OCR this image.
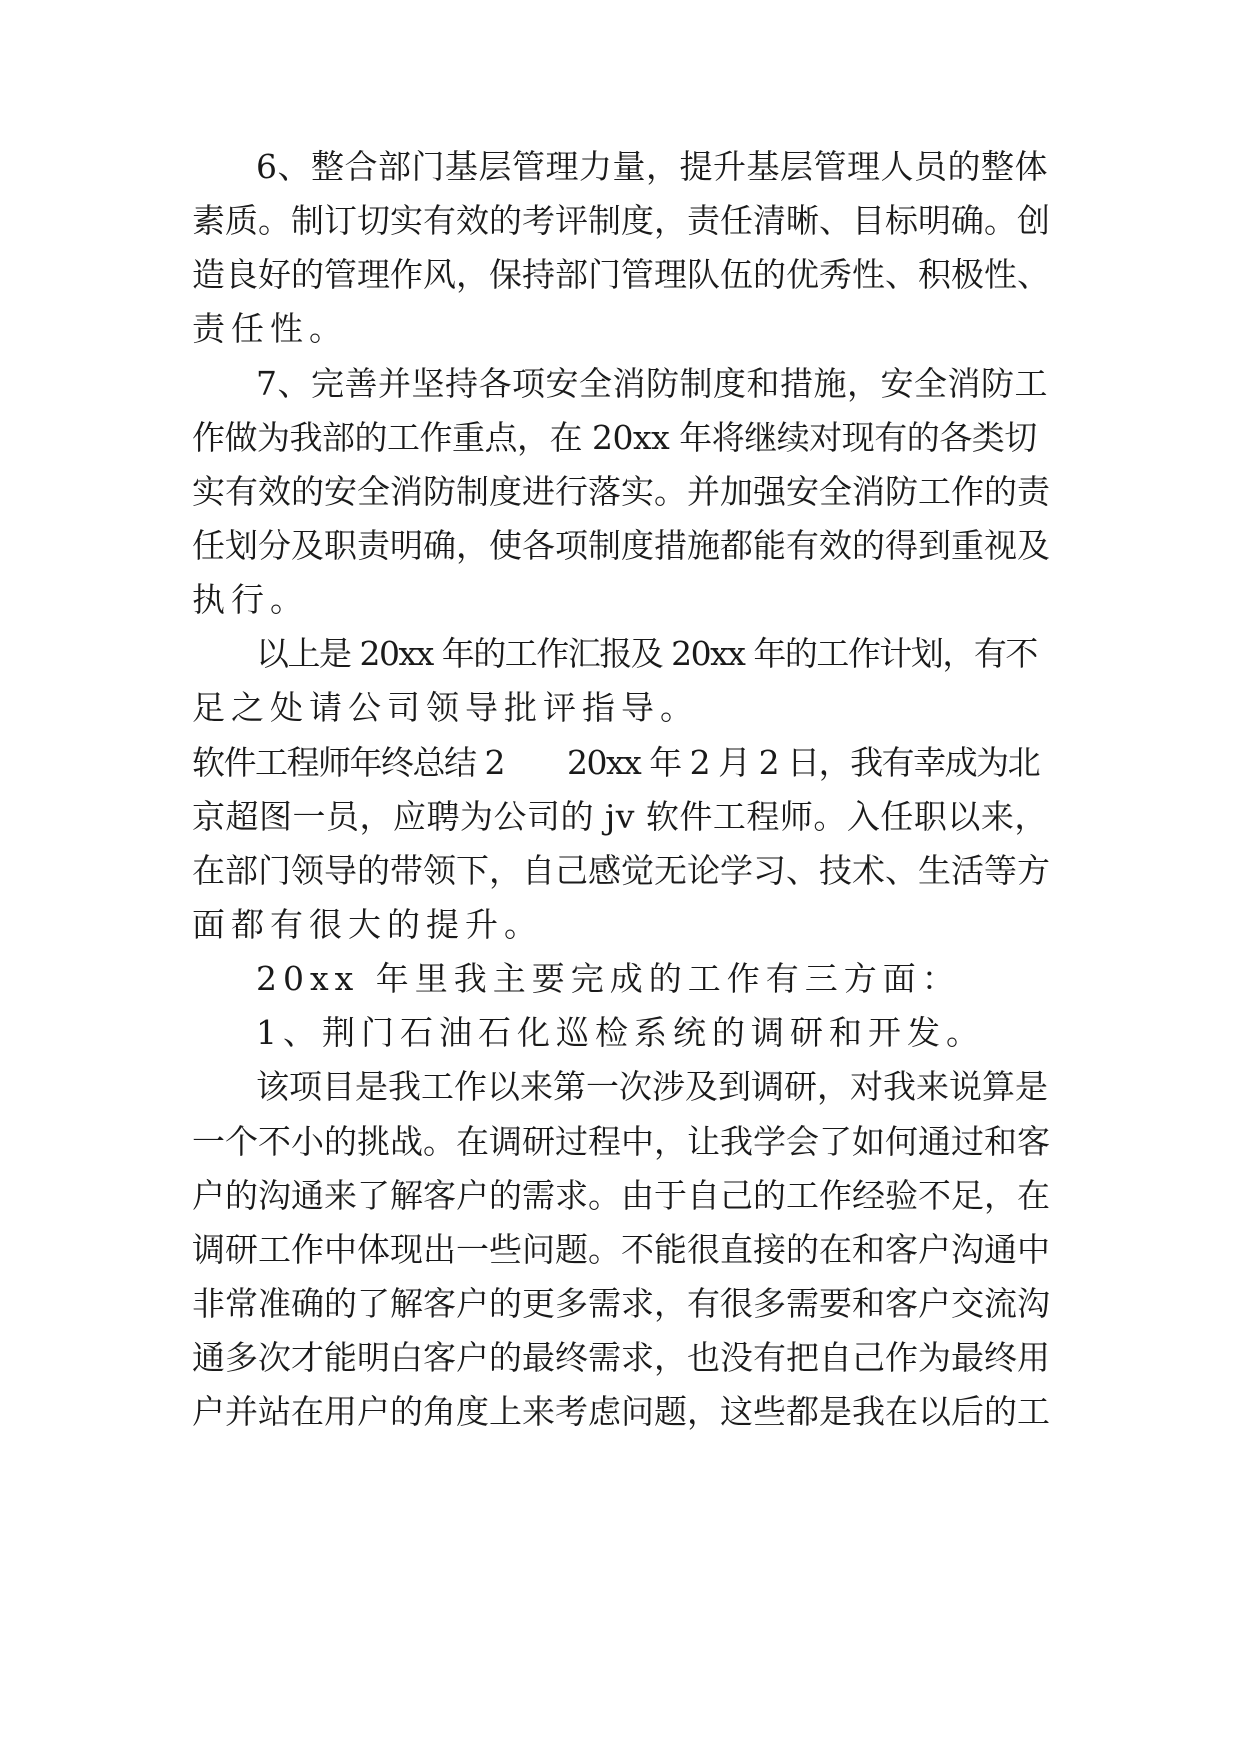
6、整合部门基层管理力量，提升基层管理人员的整体

素质。制订切实有效的考评制度，责任清晰、目标明确。创

造良好的管理作风，保持部门管理队伍的优秀性、积极性、

责任性。

7、完善并坚持各项安全消防制度和措施，安全消防工

作做为我部的工作重点，在 20xx 年将继续对现有的各类切

实有效的安全消防制度进行落实。并加强安全消防工作的责

任划分及职责明确，使各项制度措施都能有效的得到重视及

执行。

以上是 20xx 年的工作汇报及 20xx 年的工作计划，有不

足之处请公司领导批评指导。

软件工程师年终总结 2　　20xx 年 2 月 2 日，我有幸成为北

京超图一员，应聘为公司的 jv 软件工程师。入任职以来，

在部门领导的带领下，自己感觉无论学习、技术、生活等方

面都有很大的提升。

20xx 年里我主要完成的工作有三方面：

1、荆门石油石化巡检系统的调研和开发。

该项目是我工作以来第一次涉及到调研，对我来说算是

一个不小的挑战。在调研过程中，让我学会了如何通过和客

户的沟通来了解客户的需求。由于自己的工作经验不足，在

调研工作中体现出一些问题。不能很直接的在和客户沟通中

非常准确的了解客户的更多需求，有很多需要和客户交流沟

通多次才能明白客户的最终需求，也没有把自己作为最终用

户并站在用户的角度上来考虑问题，这些都是我在以后的工
